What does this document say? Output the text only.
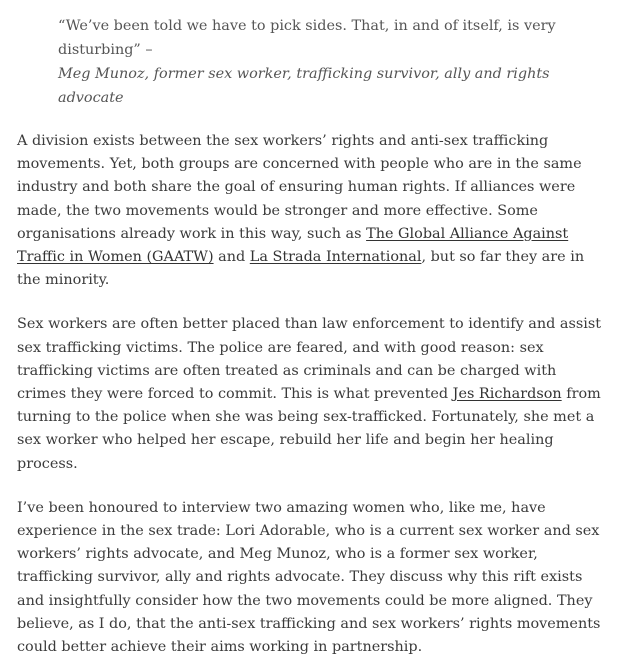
“We’ve been told we have to pick sides. That, in and of itself, is very disturbing” –
Meg Munoz, former sex worker, trafficking survivor, ally and rights advocate

A division exists between the sex workers’ rights and anti-sex trafficking movements. Yet, both groups are concerned with people who are in the same industry and both share the goal of ensuring human rights. If alliances were made, the two movements would be stronger and more effective. Some organisations already work in this way, such as The Global Alliance Against Traffic in Women (GAATW) and La Strada International, but so far they are in the minority.

Sex workers are often better placed than law enforcement to identify and assist sex trafficking victims. The police are feared, and with good reason: sex trafficking victims are often treated as criminals and can be charged with crimes they were forced to commit. This is what prevented Jes Richardson from turning to the police when she was being sex-trafficked. Fortunately, she met a sex worker who helped her escape, rebuild her life and begin her healing process.

I’ve been honoured to interview two amazing women who, like me, have experience in the sex trade: Lori Adorable, who is a current sex worker and sex workers’ rights advocate, and Meg Munoz, who is a former sex worker, trafficking survivor, ally and rights advocate. They discuss why this rift exists and insightfully consider how the two movements could be more aligned. They believe, as I do, that the anti-sex trafficking and sex workers’ rights movements could better achieve their aims working in partnership.
